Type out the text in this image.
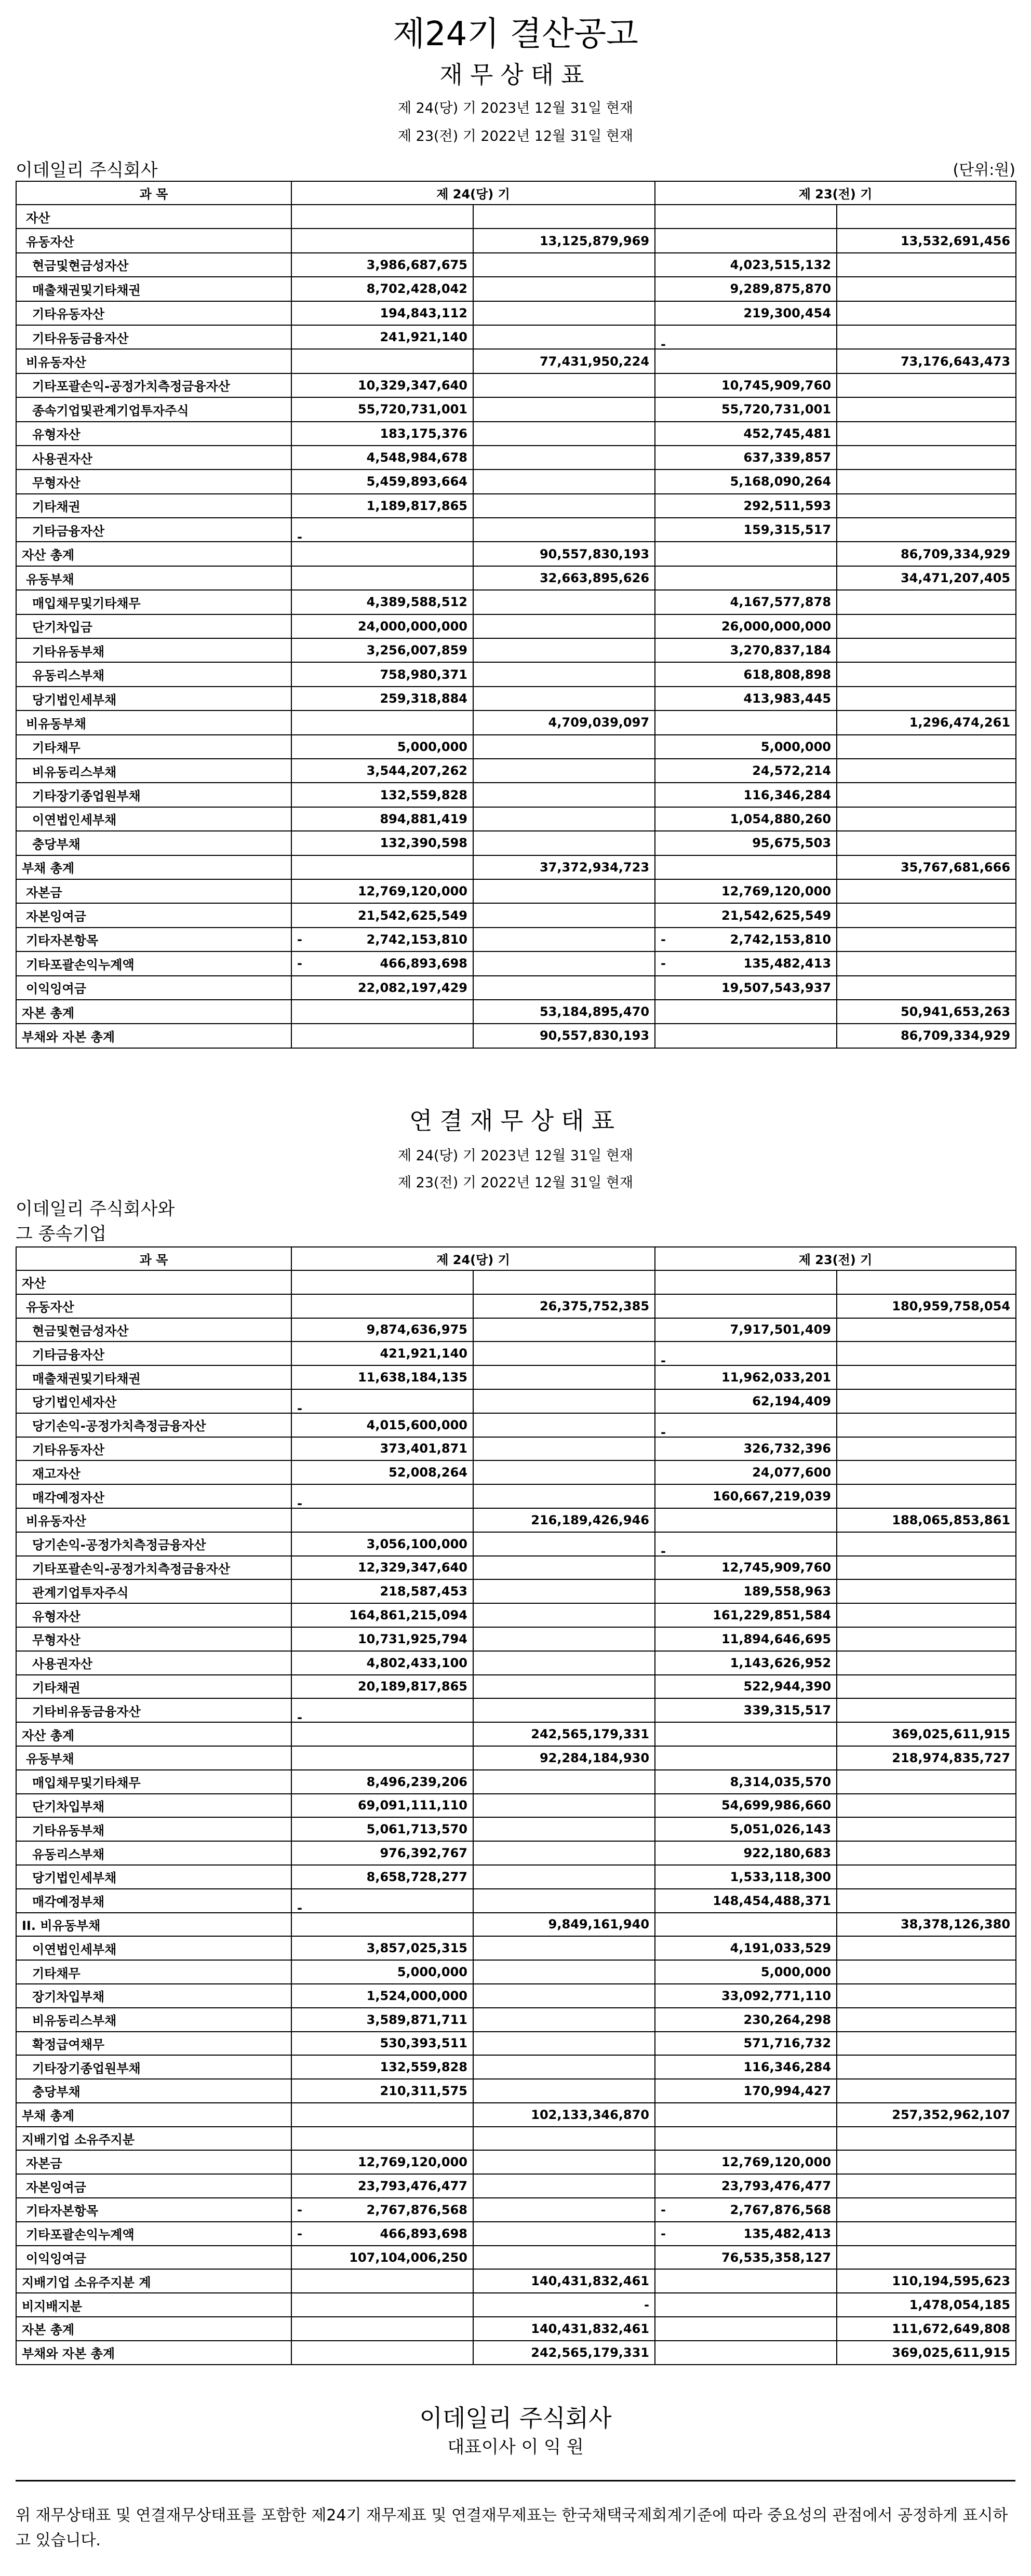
제24기 결산공고
재무상태표
제 24(당) 기 2023년 12월 31일 현재
제 23(전) 기 2022년 12월 31일 현재
이데일리 주식회사	(단위:원)
과 목	제 24(당) 기		제 23(전) 기	
자산				
유동자산		13,125,879,969		13,532,691,456
현금및현금성자산	3,986,687,675		4,023,515,132	
매출채권및기타채권	8,702,428,042		9,289,875,870	
기타유동자산	194,843,112		219,300,454	
기타유동금융자산	241,921,140		-	

비유동자산		77,431,950,224		73,176,643,473
기타포괄손익-공정가치측정금융자산	10,329,347,640		10,745,909,760	
종속기업및관계기업투자주식	55,720,731,001		55,720,731,001	
유형자산	183,175,376		452,745,481	
사용권자산	4,548,984,678		637,339,857	
무형자산	5,459,893,664		5,168,090,264	
기타채권	1,189,817,865		292,511,593	
기타금융자산	-		159,315,517	
자산 총계		90,557,830,193		86,709,334,929
유동부채		32,663,895,626		34,471,207,405
매입채무및기타채무	4,389,588,512		4,167,577,878	
단기차입금	24,000,000,000		26,000,000,000	
기타유동부채	3,256,007,859		3,270,837,184	
유동리스부채	758,980,371		618,808,898	
당기법인세부채	259,318,884		413,983,445	
비유동부채		4,709,039,097		1,296,474,261
기타채무	5,000,000		5,000,000	
비유동리스부채	3,544,207,262		24,572,214	
기타장기종업원부채	132,559,828		116,346,284	
이연법인세부채	894,881,419		1,054,880,260	
충당부채	132,390,598		95,675,503	
부채 총계		37,372,934,723		35,767,681,666
자본금	12,769,120,000		12,769,120,000	
자본잉여금	21,542,625,549		21,542,625,549	
기타자본항목	- 2,742,153,810		- 2,742,153,810	
기타포괄손익누계액	- 466,893,698		- 135,482,413	
이익잉여금	22,082,197,429		19,507,543,937	
자본 총계		53,184,895,470		50,941,653,263
부채와 자본 총계		90,557,830,193		86,709,334,929
연결재무상태표
제 24(당) 기 2023년 12월 31일 현재
제 23(전) 기 2022년 12월 31일 현재
이데일리 주식회사와
그 종속기업
과 목	제 24(당) 기		제 23(전) 기	
자산				
유동자산		26,375,752,385		180,959,758,054
현금및현금성자산	9,874,636,975		7,917,501,409	
기타금융자산	421,921,140		-	

매출채권및기타채권	11,638,184,135		11,962,033,201	
당기법인세자산	-		62,194,409	
당기손익-공정가치측정금융자산	4,015,600,000		-	

기타유동자산	373,401,871		326,732,396	
재고자산	52,008,264		24,077,600	
매각예정자산	-		160,667,219,039	
비유동자산		216,189,426,946		188,065,853,861
당기손익-공정가치측정금융자산	3,056,100,000		-	

기타포괄손익-공정가치측정금융자산	12,329,347,640		12,745,909,760	
관계기업투자주식	218,587,453		189,558,963	
유형자산	164,861,215,094		161,229,851,584	
무형자산	10,731,925,794		11,894,646,695	
사용권자산	4,802,433,100		1,143,626,952	
기타채권	20,189,817,865		522,944,390	
기타비유동금융자산	-		339,315,517	
자산 총계		242,565,179,331		369,025,611,915
유동부채		92,284,184,930		218,974,835,727
매입채무및기타채무	8,496,239,206		8,314,035,570	
단기차입부채	69,091,111,110		54,699,986,660	
기타유동부채	5,061,713,570		5,051,026,143	
유동리스부채	976,392,767		922,180,683	
당기법인세부채	8,658,728,277		1,533,118,300	
매각예정부채	-		148,454,488,371	
II. 비유동부채		9,849,161,940		38,378,126,380
이연법인세부채	3,857,025,315		4,191,033,529	
기타채무	5,000,000		5,000,000	
장기차입부채	1,524,000,000		33,092,771,110	
비유동리스부채	3,589,871,711		230,264,298	
확정급여채무	530,393,511		571,716,732	
기타장기종업원부채	132,559,828		116,346,284	
충당부채	210,311,575		170,994,427	
부채 총계		102,133,346,870		257,352,962,107
지배기업 소유주지분				
자본금	12,769,120,000		12,769,120,000	
자본잉여금	23,793,476,477		23,793,476,477	
기타자본항목	- 2,767,876,568		- 2,767,876,568	
기타포괄손익누계액	- 466,893,698		- 135,482,413	
이익잉여금	107,104,006,250		76,535,358,127	
지배기업 소유주지분 계		140,431,832,461		110,194,595,623
비지배지분		-		1,478,054,185
자본 총계		140,431,832,461		111,672,649,808
부채와 자본 총계		242,565,179,331		369,025,611,915
이데일리 주식회사
대표이사 이 익 원
위 재무상태표 및 연결재무상태표를 포함한 제24기 재무제표 및 연결재무제표는 한국채택국제회계기준에 따라 중요성의 관점에서 공정하게 표시하고 있습니다.
